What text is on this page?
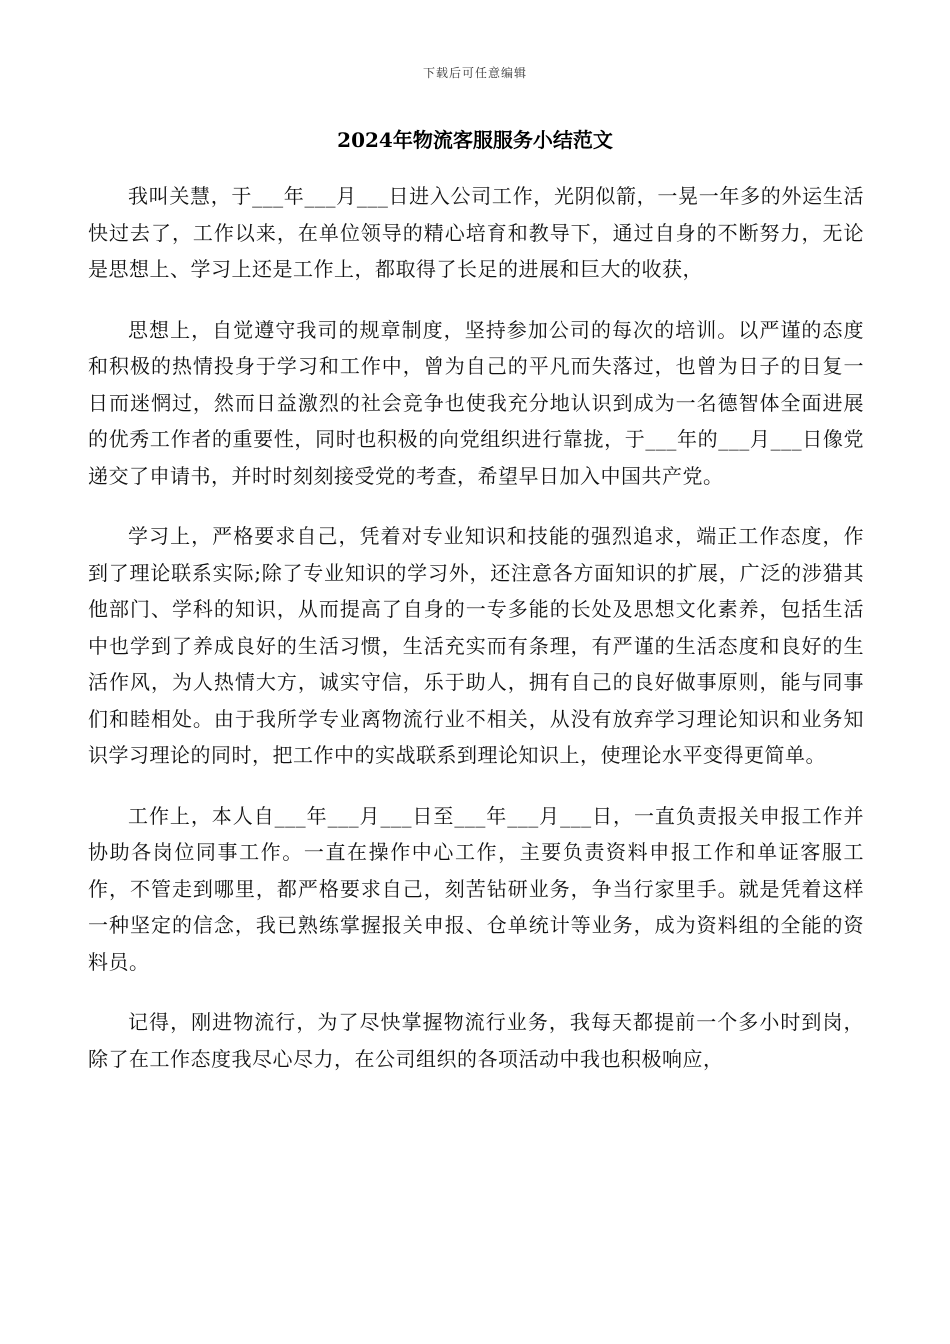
下载后可任意编辑
2024年物流客服服务小结范文

我叫关慧，于___年___月___日进入公司工作，光阴似箭，一晃一年多的外运生活快过去了，工作以来，在单位领导的精心培育和教导下，通过自身的不断努力，无论是思想上、学习上还是工作上，都取得了长足的进展和巨大的收获，

思想上，自觉遵守我司的规章制度，坚持参加公司的每次的培训。以严谨的态度和积极的热情投身于学习和工作中，曾为自己的平凡而失落过，也曾为日子的日复一日而迷惘过，然而日益激烈的社会竞争也使我充分地认识到成为一名德智体全面进展的优秀工作者的重要性，同时也积极的向党组织进行靠拢，于___年的___月___日像党递交了申请书，并时时刻刻接受党的考查，希望早日加入中国共产党。

学习上，严格要求自己，凭着对专业知识和技能的强烈追求，端正工作态度，作到了理论联系实际;除了专业知识的学习外，还注意各方面知识的扩展，广泛的涉猎其他部门、学科的知识，从而提高了自身的一专多能的长处及思想文化素养，包括生活中也学到了养成良好的生活习惯，生活充实而有条理，有严谨的生活态度和良好的生活作风，为人热情大方，诚实守信，乐于助人，拥有自己的良好做事原则，能与同事们和睦相处。由于我所学专业离物流行业不相关，从没有放弃学习理论知识和业务知识学习理论的同时，把工作中的实战联系到理论知识上，使理论水平变得更简单。

工作上，本人自___年___月___日至___年___月___日，一直负责报关申报工作并协助各岗位同事工作。一直在操作中心工作，主要负责资料申报工作和单证客服工作，不管走到哪里，都严格要求自己，刻苦钻研业务，争当行家里手。就是凭着这样一种坚定的信念，我已熟练掌握报关申报、仓单统计等业务，成为资料组的全能的资料员。

记得，刚进物流行，为了尽快掌握物流行业务，我每天都提前一个多小时到岗，除了在工作态度我尽心尽力，在公司组织的各项活动中我也积极响应，
